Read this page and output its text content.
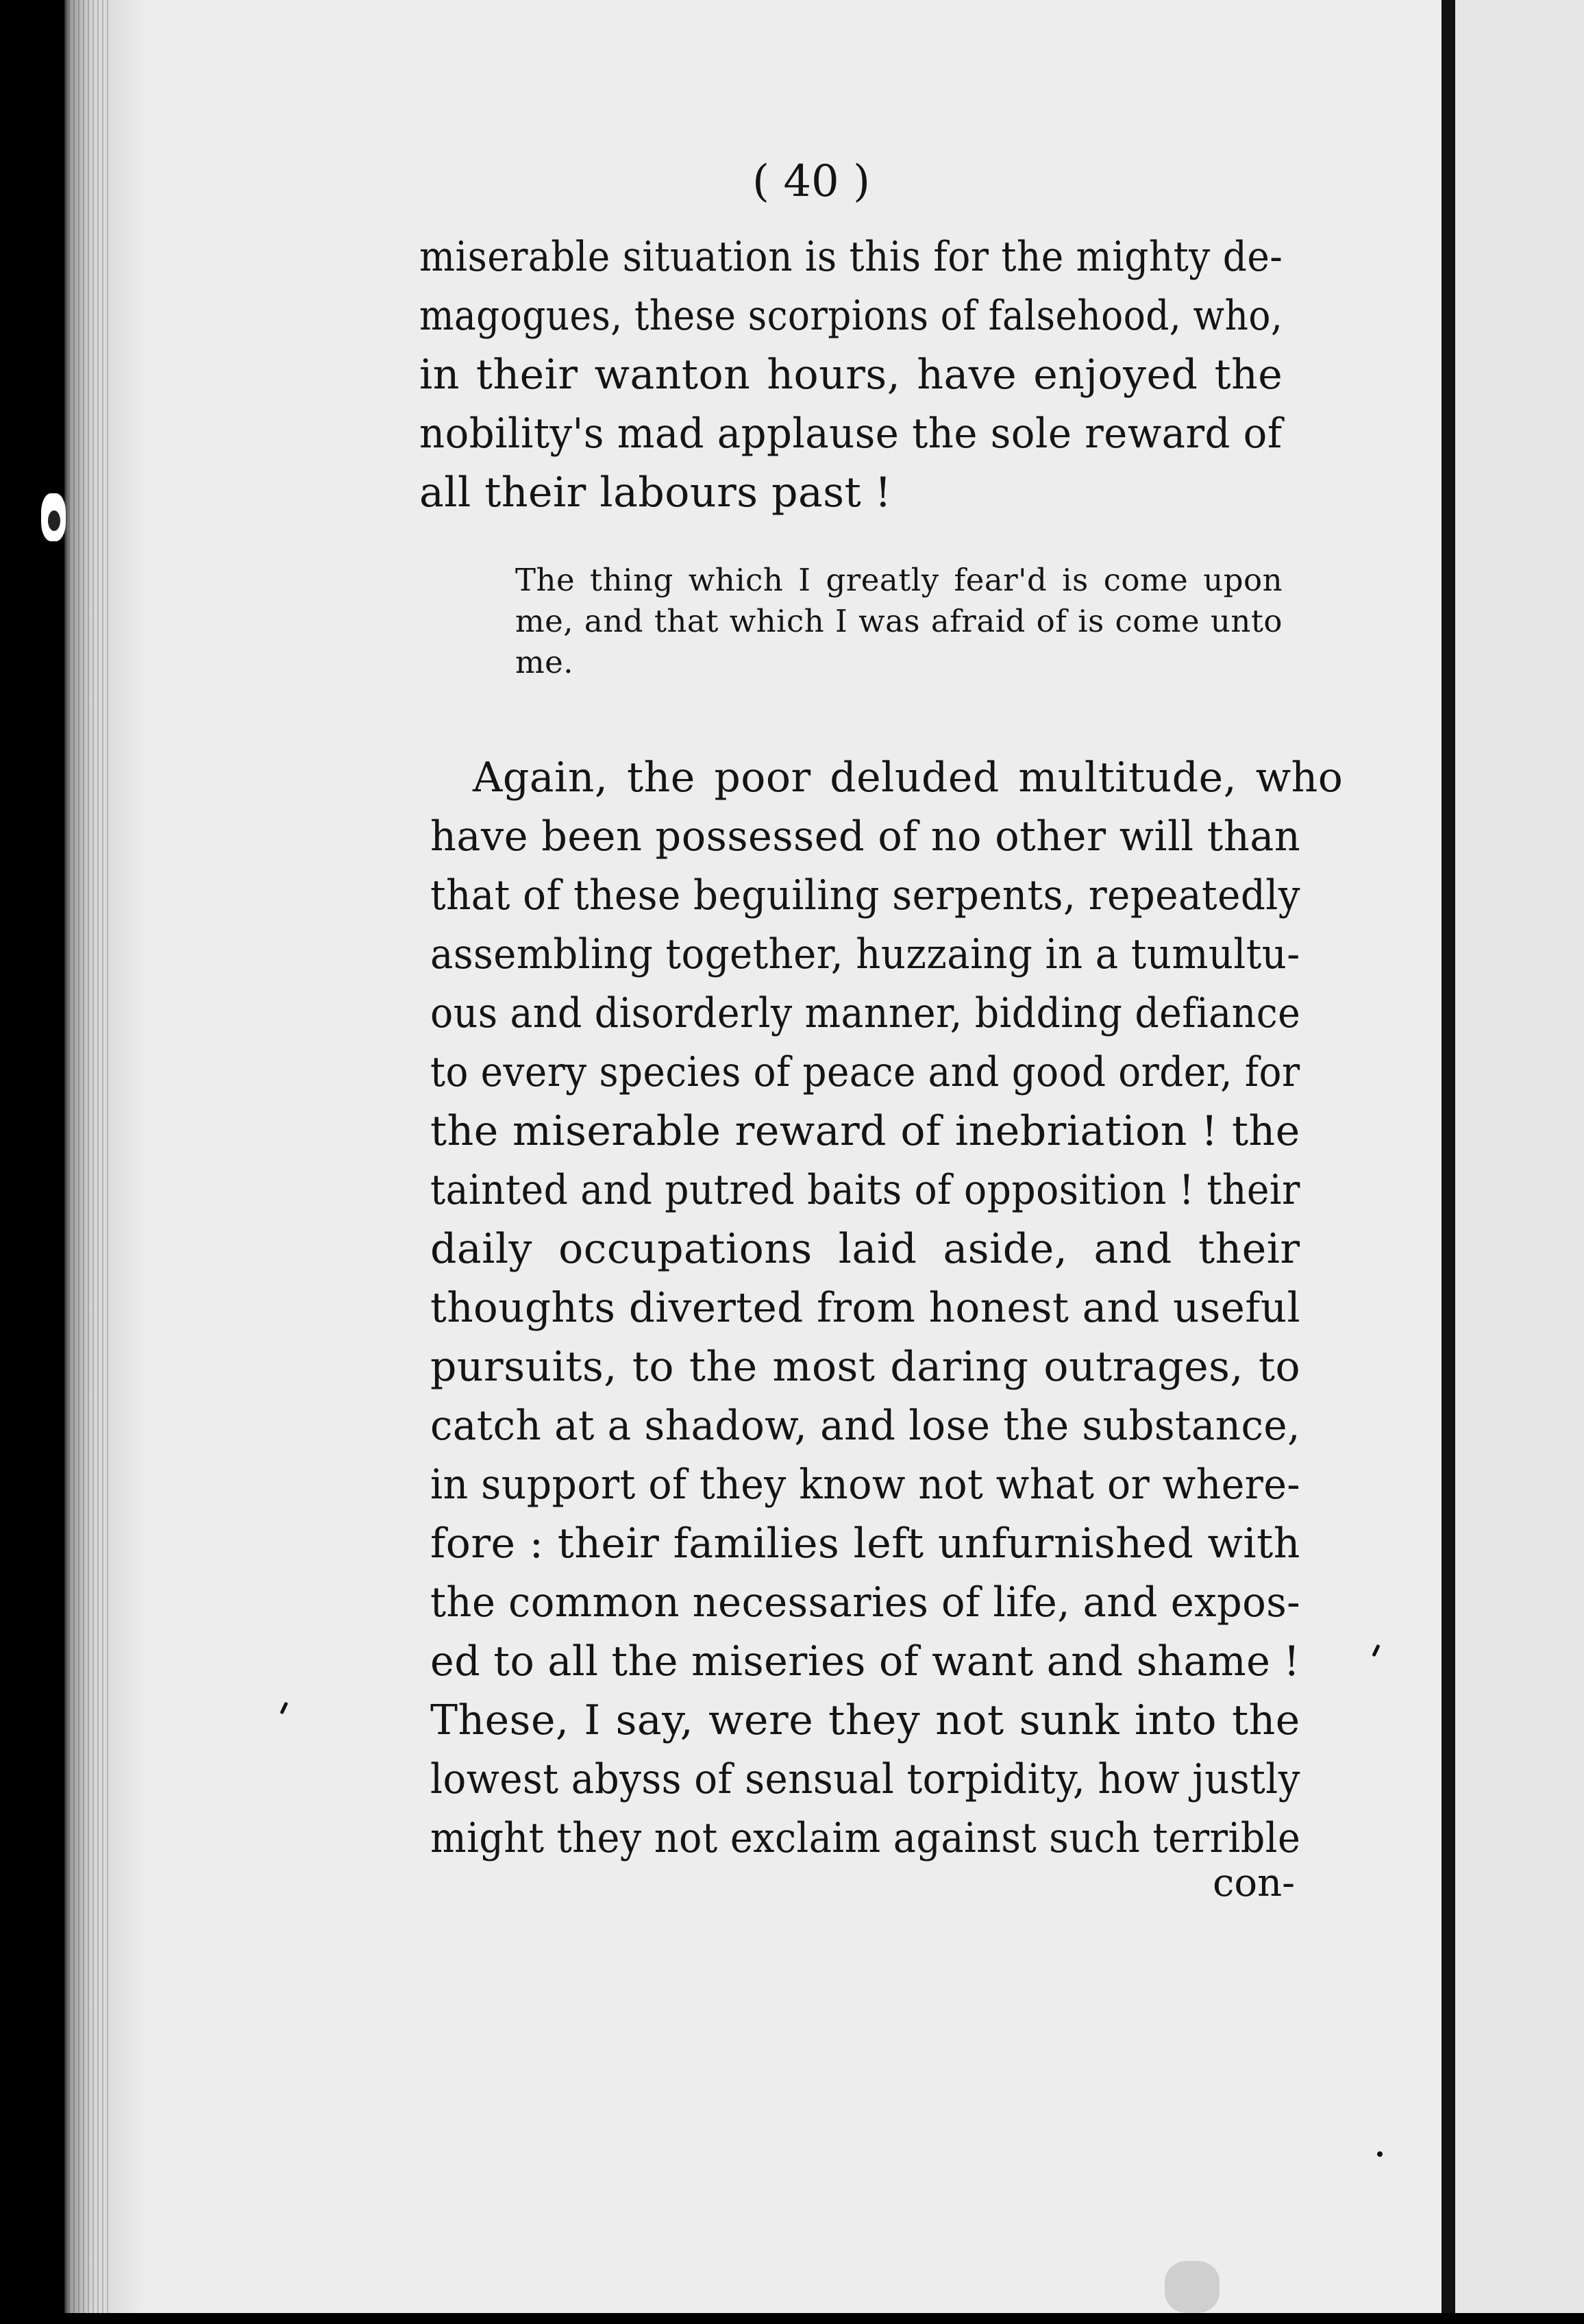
( 40 )
miserable situation is this for the mighty de-
magogues, these scorpions of falsehood, who,
in their wanton hours, have enjoyed the
nobility's mad applause the sole reward of
all their labours past !
The thing which I greatly fear'd is come upon
me, and that which I was afraid of is come unto
me.
Again, the poor deluded multitude, who
have been possessed of no other will than
that of these beguiling serpents, repeatedly
assembling together, huzzaing in a tumultu-
ous and disorderly manner, bidding defiance
to every species of peace and good order, for
the miserable reward of inebriation ! the
tainted and putred baits of opposition ! their
daily occupations laid aside, and their
thoughts diverted from honest and useful
pursuits, to the most daring outrages, to
catch at a shadow, and lose the substance,
in support of they know not what or where-
fore : their families left unfurnished with
the common necessaries of life, and expos-
ed to all the miseries of want and shame !
These, I say, were they not sunk into the
lowest abyss of sensual torpidity, how justly
might they not exclaim against such terrible
con-
